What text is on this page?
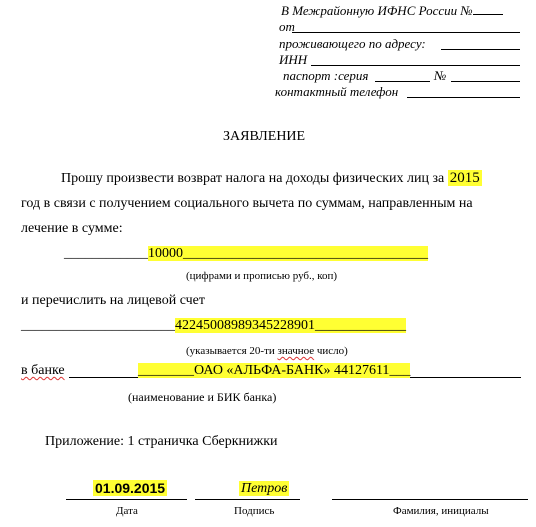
В Межрайонную ИФНС России №
от
проживающего по адресу:
ИНН
паспорт :серия	№
контактный телефон
ЗАЯВЛЕНИЕ
Прошу произвести возврат налога на доходы физических лиц за 2015
год в связи с получением социального вычета по суммам, направленным на
лечение в сумме:
____________10000___________________________________
(цифрами и прописью руб., коп)
и перечислить на лицевой счет
______________________42245008989345228901_____________
(указывается 20-ти значное число)
в банке	________ОАО «АЛЬФА-БАНК» 44127611___
(наименование и БИК банка)
Приложение: 1 страничка Сберкнижки
01.09.2015	Петров
Дата	Подпись	Фамилия, инициалы
